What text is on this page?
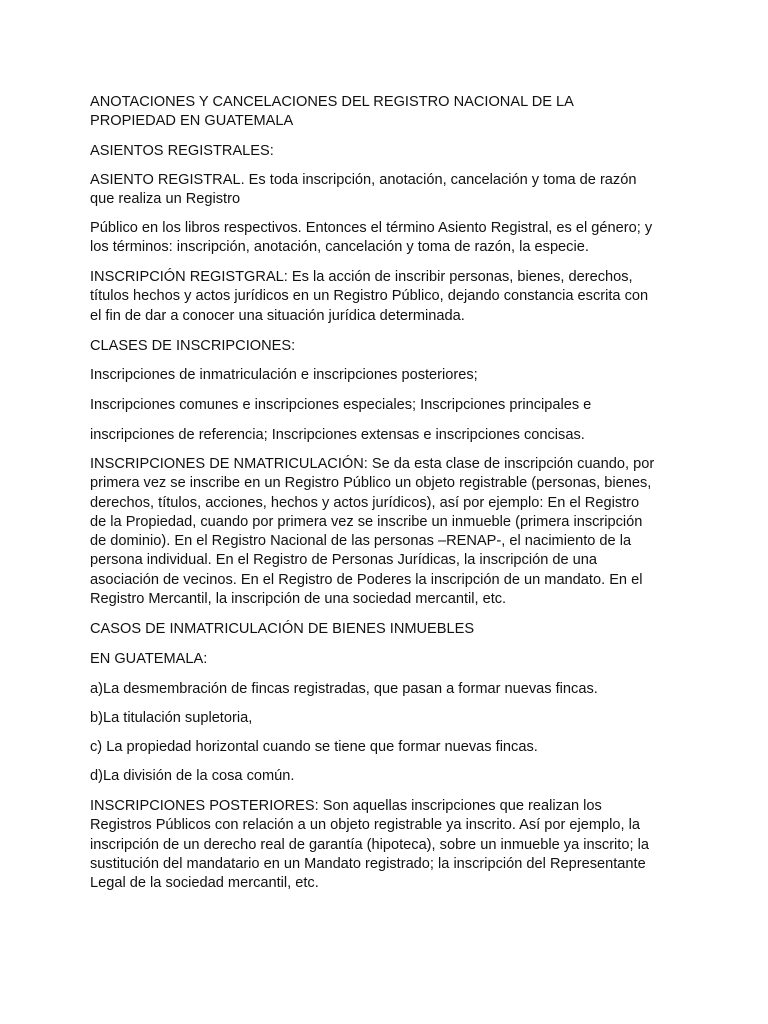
ANOTACIONES Y CANCELACIONES DEL REGISTRO NACIONAL DE LA
PROPIEDAD EN GUATEMALA

ASIENTOS REGISTRALES:

ASIENTO REGISTRAL. Es toda inscripción, anotación, cancelación y toma de razón
que realiza un Registro

Público en los libros respectivos. Entonces el término Asiento Registral, es el género; y
los términos: inscripción, anotación, cancelación y toma de razón, la especie.

INSCRIPCIÓN REGISTGRAL: Es la acción de inscribir personas, bienes, derechos,
títulos hechos y actos jurídicos en un Registro Público, dejando constancia escrita con
el fin de dar a conocer una situación jurídica determinada.

CLASES DE INSCRIPCIONES:

Inscripciones de inmatriculación e inscripciones posteriores;

Inscripciones comunes e inscripciones especiales; Inscripciones principales e

inscripciones de referencia; Inscripciones extensas e inscripciones concisas.

INSCRIPCIONES DE NMATRICULACIÓN: Se da esta clase de inscripción cuando, por
primera vez se inscribe en un Registro Público un objeto registrable (personas, bienes,
derechos, títulos, acciones, hechos y actos jurídicos), así por ejemplo: En el Registro
de la Propiedad, cuando por primera vez se inscribe un inmueble (primera inscripción
de dominio). En el Registro Nacional de las personas –RENAP-, el nacimiento de la
persona individual. En el Registro de Personas Jurídicas, la inscripción de una
asociación de vecinos. En el Registro de Poderes la inscripción de un mandato. En el
Registro Mercantil, la inscripción de una sociedad mercantil, etc.

CASOS DE INMATRICULACIÓN DE BIENES INMUEBLES

EN GUATEMALA:

a)La desmembración de fincas registradas, que pasan a formar nuevas fincas.

b)La titulación supletoria,

c) La propiedad horizontal cuando se tiene que formar nuevas fincas.

d)La división de la cosa común.

INSCRIPCIONES POSTERIORES: Son aquellas inscripciones que realizan los
Registros Públicos con relación a un objeto registrable ya inscrito. Así por ejemplo, la
inscripción de un derecho real de garantía (hipoteca), sobre un inmueble ya inscrito; la
sustitución del mandatario en un Mandato registrado; la inscripción del Representante
Legal de la sociedad mercantil, etc.
